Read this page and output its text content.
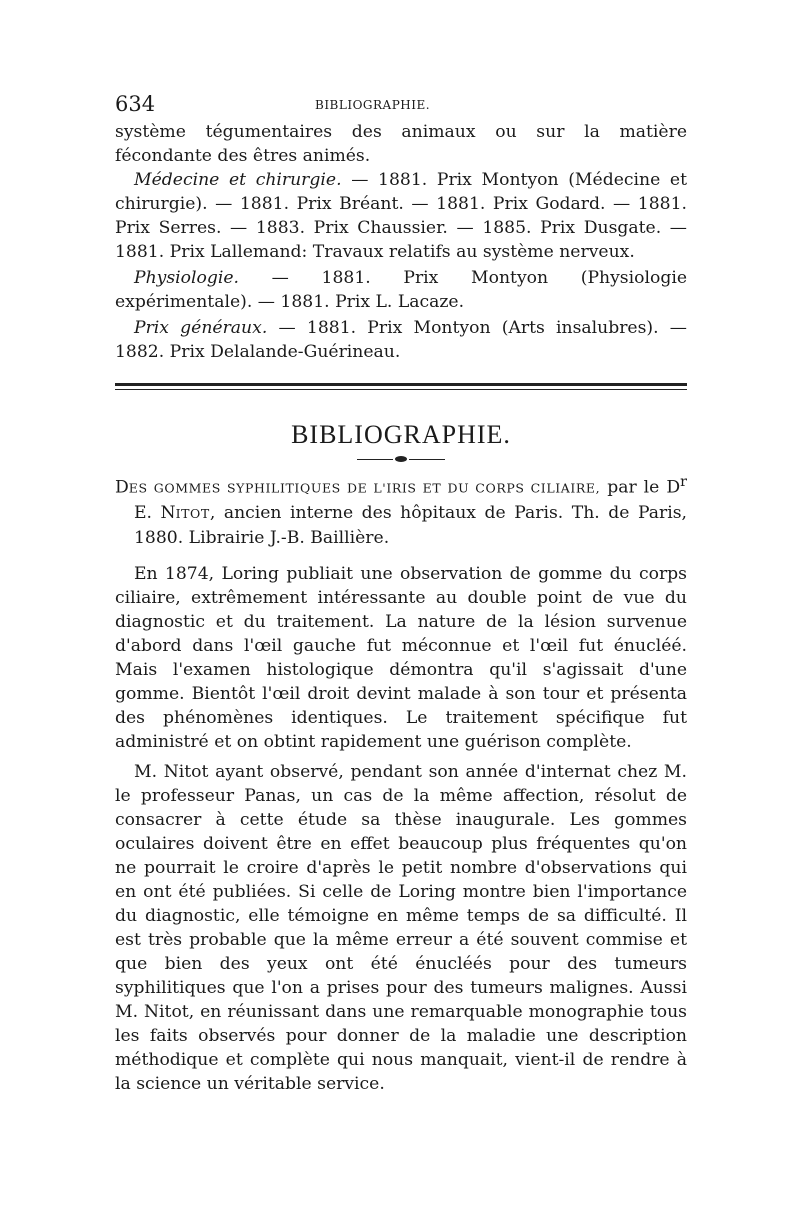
634	BIBLIOGRAPHIE.

système tégumentaires des animaux ou sur la matière fécondante des êtres animés.

Médecine et chirurgie. — 1881. Prix Montyon (Médecine et chirurgie). — 1881. Prix Bréant. — 1881. Prix Godard. — 1881. Prix Serres. — 1883. Prix Chaussier. — 1885. Prix Dusgate. — 1881. Prix Lallemand: Travaux relatifs au système nerveux.

Physiologie. — 1881. Prix Montyon (Physiologie expérimentale). — 1881. Prix L. Lacaze.

Prix généraux. — 1881. Prix Montyon (Arts insalubres). — 1882. Prix Delalande-Guérineau.

BIBLIOGRAPHIE.

DES GOMMES SYPHILITIQUES DE L'IRIS ET DU CORPS CILIAIRE, par le $D^r$ E. NITOT, ancien interne des hôpitaux de Paris. Th. de Paris, 1880. Librairie J.-B. Baillière.

En 1874, Loring publiait une observation de gomme du corps ciliaire, extrêmement intéressante au double point de vue du diagnostic et du traitement. La nature de la lésion survenue d'abord dans l'œil gauche fut méconnue et l'œil fut énucléé. Mais l'examen histologique démontra qu'il s'agissait d'une gomme. Bientôt l'œil droit devint malade à son tour et présenta des phénomènes identiques. Le traitement spécifique fut administré et on obtint rapidement une guérison complète.

M. Nitot ayant observé, pendant son année d'internat chez M. le professeur Panas, un cas de la même affection, résolut de consacrer à cette étude sa thèse inaugurale. Les gommes oculaires doivent être en effet beaucoup plus fréquentes qu'on ne pourrait le croire d'après le petit nombre d'observations qui en ont été publiées. Si celle de Loring montre bien l'importance du diagnostic, elle témoigne en même temps de sa difficulté. Il est très probable que la même erreur a été souvent commise et que bien des yeux ont été énucléés pour des tumeurs syphilitiques que l'on a prises pour des tumeurs malignes. Aussi M. Nitot, en réunissant dans une remarquable monographie tous les faits observés pour donner de la maladie une description méthodique et complète qui nous manquait, vient-il de rendre à la science un véritable service.
